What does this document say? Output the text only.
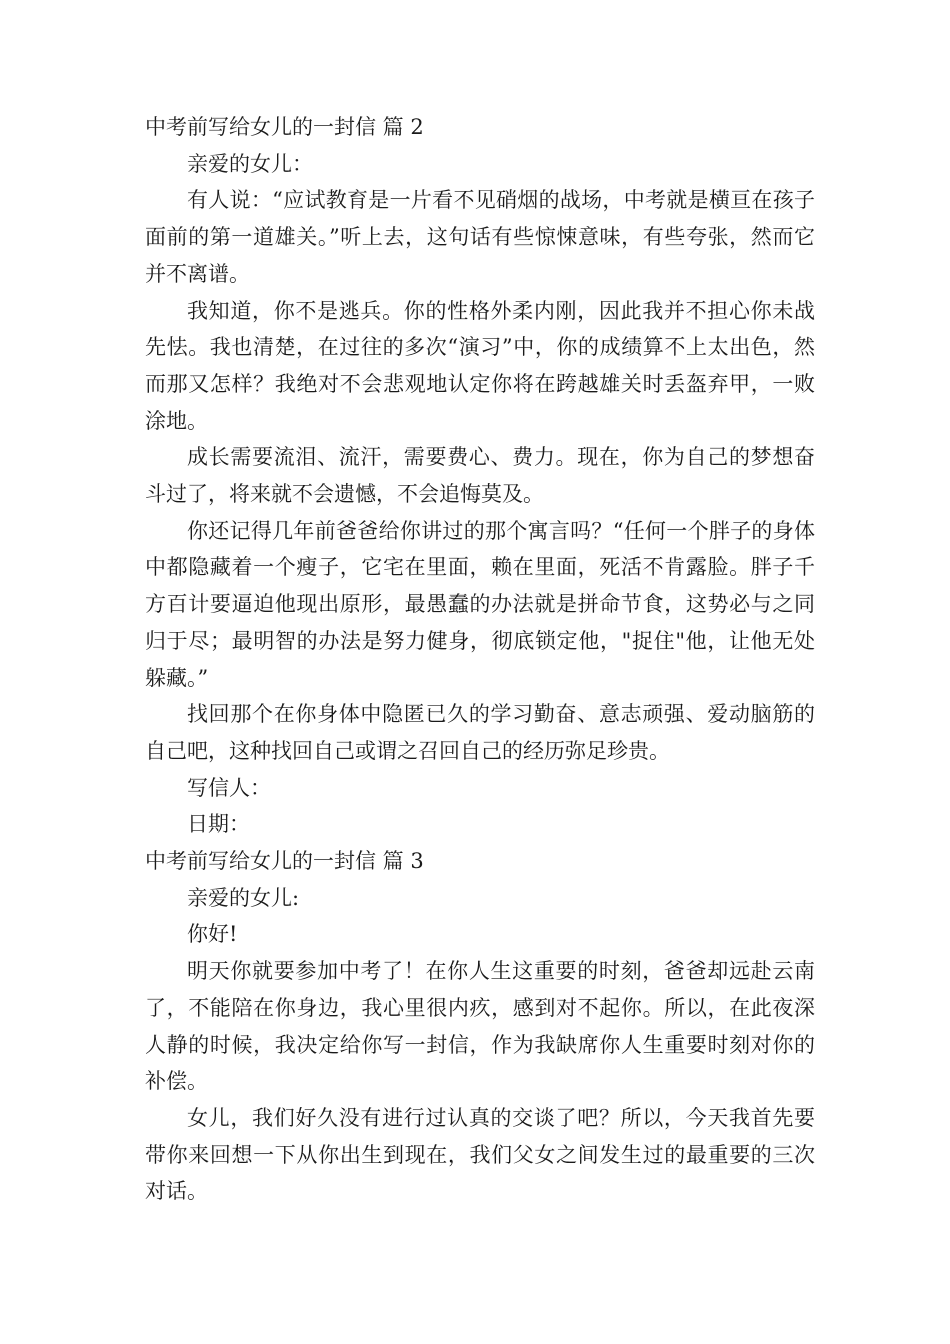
中考前写给女儿的一封信 篇 2
亲爱的女儿：
有人说：“应试教育是一片看不见硝烟的战场，中考就是横亘在孩子面前的第一道雄关。”听上去，这句话有些惊悚意味，有些夸张，然而它并不离谱。
我知道，你不是逃兵。你的性格外柔内刚，因此我并不担心你未战先怯。我也清楚，在过往的多次“演习”中，你的成绩算不上太出色，然而那又怎样？我绝对不会悲观地认定你将在跨越雄关时丢盔弃甲，一败涂地。
成长需要流泪、流汗，需要费心、费力。现在，你为自己的梦想奋斗过了，将来就不会遗憾，不会追悔莫及。
你还记得几年前爸爸给你讲过的那个寓言吗？“任何一个胖子的身体中都隐藏着一个瘦子，它宅在里面，赖在里面，死活不肯露脸。胖子千方百计要逼迫他现出原形，最愚蠢的办法就是拼命节食，这势必与之同归于尽；最明智的办法是努力健身，彻底锁定他，"捉住"他，让他无处躲藏。”
找回那个在你身体中隐匿已久的学习勤奋、意志顽强、爱动脑筋的自己吧，这种找回自己或谓之召回自己的经历弥足珍贵。
写信人：
日期：
中考前写给女儿的一封信 篇 3
亲爱的女儿:
你好!
明天你就要参加中考了！在你人生这重要的时刻，爸爸却远赴云南了，不能陪在你身边，我心里很内疚，感到对不起你。所以，在此夜深人静的时候，我决定给你写一封信，作为我缺席你人生重要时刻对你的补偿。
女儿，我们好久没有进行过认真的交谈了吧？所以，今天我首先要带你来回想一下从你出生到现在，我们父女之间发生过的最重要的三次对话。
